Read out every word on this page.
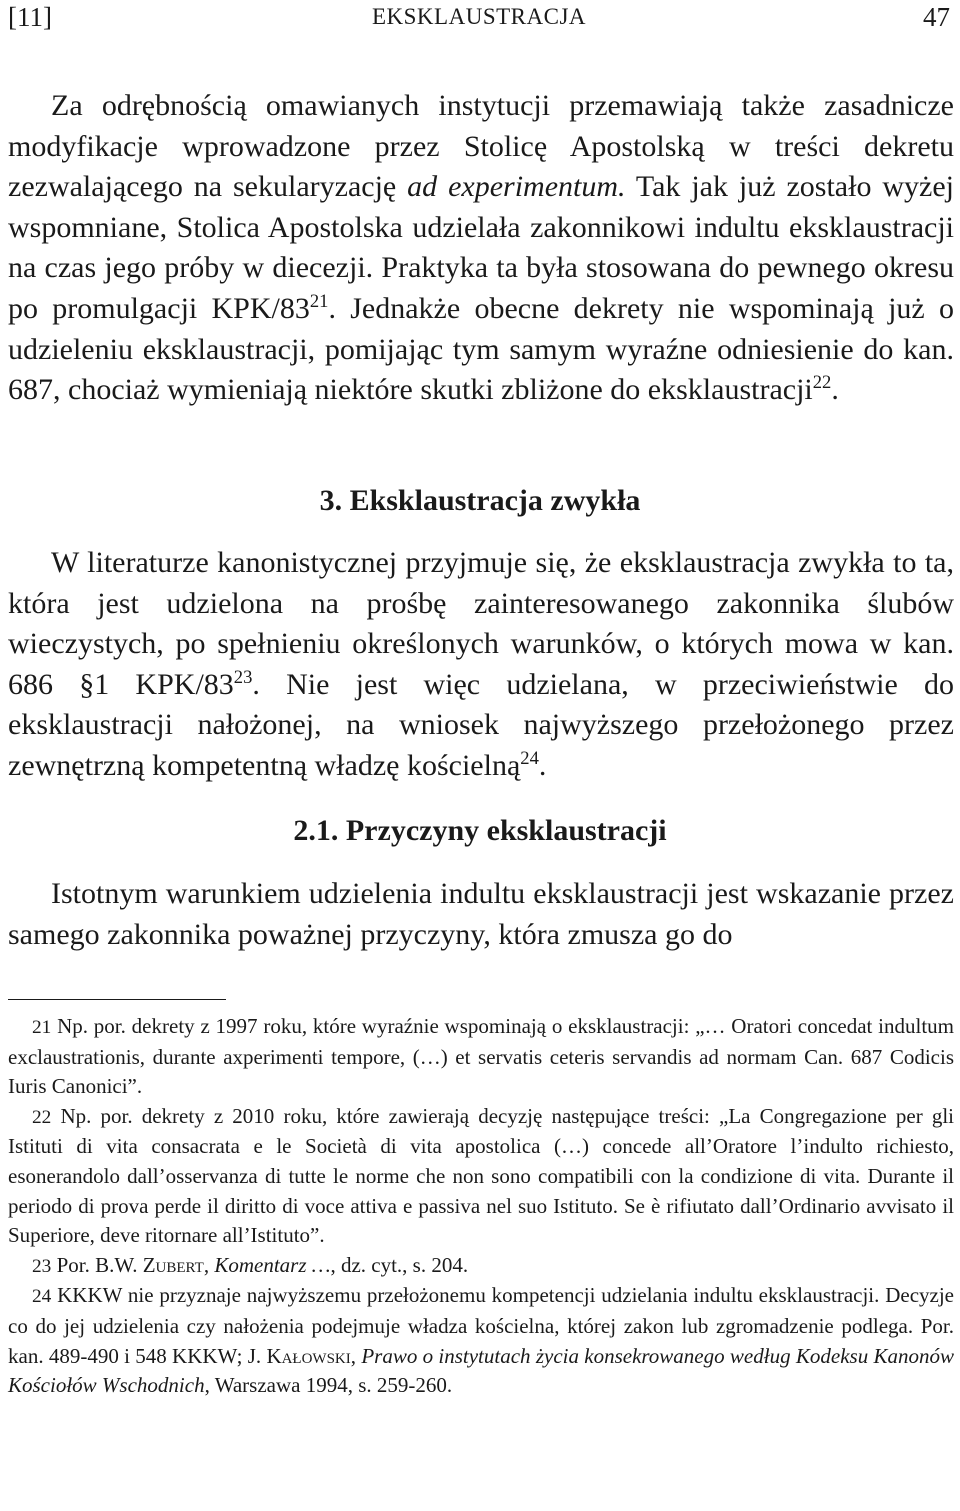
[11]	EKSKLAUSTRACJA	47

Za odrębnością omawianych instytucji przemawiają także zasadnicze modyfikacje wprowadzone przez Stolicę Apostolską w treści dekretu zezwalającego na sekularyzację ad experimentum. Tak jak już zostało wyżej wspomniane, Stolica Apostolska udzielała zakonnikowi indultu eksklaustracji na czas jego próby w diecezji. Praktyka ta była stosowana do pewnego okresu po promulgacji KPK/$83^{21}$. Jednakże obecne dekrety nie wspominają już o udzieleniu eksklaustracji, pomijając tym samym wyraźne odniesienie do kan. 687, chociaż wymieniają niektóre skutki zbliżone do eksklaustracji$^{22}$.

3. Eksklaustracja zwykła

W literaturze kanonistycznej przyjmuje się, że eksklaustracja zwykła to ta, która jest udzielona na prośbę zainteresowanego zakonnika ślubów wieczystych, po spełnieniu określonych warunków, o których mowa w kan. 686 §1 KPK/$83^{23}$. Nie jest więc udzielana, w przeciwieństwie do eksklaustracji nałożonej, na wniosek najwyższego przełożonego przez zewnętrzną kompetentną władzę kościelną$^{24}$.

2.1. Przyczyny eksklaustracji

Istotnym warunkiem udzielenia indultu eksklaustracji jest wskazanie przez samego zakonnika poważnej przyczyny, która zmusza go do

21 Np. por. dekrety z 1997 roku, które wyraźnie wspominają o eksklaustracji: „… Oratori concedat indultum exclaustrationis, durante axperimenti tempore, (…) et servatis ceteris servandis ad normam Can. 687 Codicis Iuris Canonici”.

22 Np. por. dekrety z 2010 roku, które zawierają decyzję następujące treści: „La Congregazione per gli Istituti di vita consacrata e le Società di vita apostolica (…) concede all’Oratore l’indulto richiesto, esonerandolo dall’osservanza di tutte le norme che non sono compatibili con la condizione di vita. Durante il periodo di prova perde il diritto di voce attiva e passiva nel suo Istituto. Se è rifiutato dall’Ordinario avvisato il Superiore, deve ritornare all’Istituto”.

23 Por. B.W. Zubert, Komentarz …, dz. cyt., s. 204.

24 KKKW nie przyznaje najwyższemu przełożonemu kompetencji udzielania indultu eksklaustracji. Decyzje co do jej udzielenia czy nałożenia podejmuje władza kościelna, której zakon lub zgromadzenie podlega. Por. kan. 489-490 i 548 KKKW; J. Kałowski, Prawo o instytutach życia konsekrowanego według Kodeksu Kanonów Kościołów Wschodnich, Warszawa 1994, s. 259-260.
